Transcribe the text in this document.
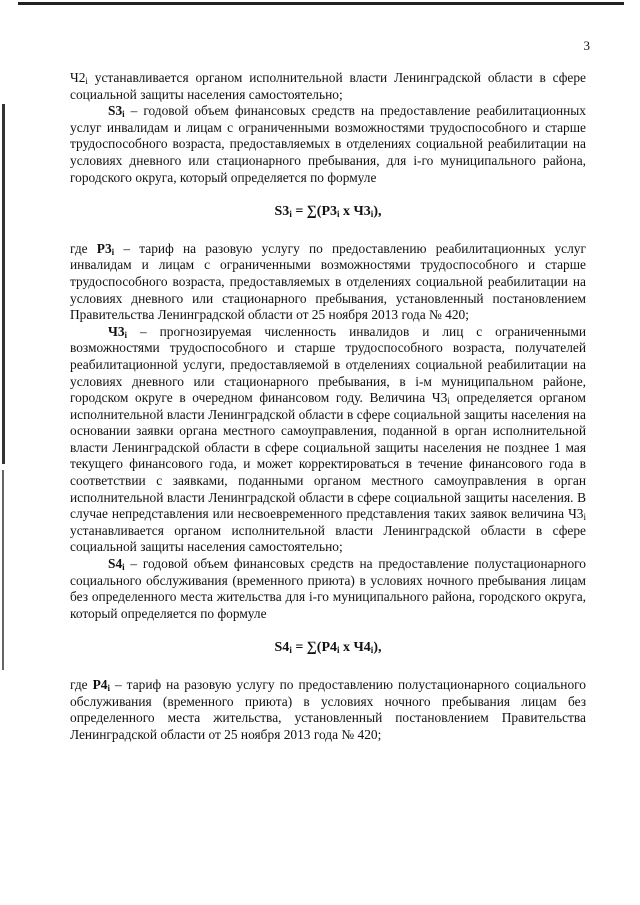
3

$Ч2_i$ устанавливается органом исполнительной власти Ленинградской области в сфере социальной защиты населения самостоятельно;

$S3_i$ – годовой объем финансовых средств на предоставление реабилитационных услуг инвалидам и лицам с ограниченными возможностями трудоспособного и старше трудоспособного возраста, предоставляемых в отделениях социальной реабилитации на условиях дневного или стационарного пребывания, для i-го муниципального района, городского округа, который определяется по формуле

$S3_i = \sum(Р3_i$ х $Ч3_i$),

где $Р3_i$ – тариф на разовую услугу по предоставлению реабилитационных услуг инвалидам и лицам с ограниченными возможностями трудоспособного и старше трудоспособного возраста, предоставляемых в отделениях социальной реабилитации на условиях дневного или стационарного пребывания, установленный постановлением Правительства Ленинградской области от 25 ноября 2013 года № 420;

$Ч3_i$ – прогнозируемая численность инвалидов и лиц с ограниченными возможностями трудоспособного и старше трудоспособного возраста, получателей реабилитационной услуги, предоставляемой в отделениях социальной реабилитации на условиях дневного или стационарного пребывания, в i-м муниципальном районе, городском округе в очередном финансовом году. Величина $Ч3_i$ определяется органом исполнительной власти Ленинградской области в сфере социальной защиты населения на основании заявки органа местного самоуправления, поданной в орган исполнительной власти Ленинградской области в сфере социальной защиты населения не позднее 1 мая текущего финансового года, и может корректироваться в течение финансового года в соответствии с заявками, поданными органом местного самоуправления в орган исполнительной власти Ленинградской области в сфере социальной защиты населения. В случае непредставления или несвоевременного представления таких заявок величина $Ч3_i$ устанавливается органом исполнительной власти Ленинградской области в сфере социальной защиты населения самостоятельно;

$S4_i$ – годовой объем финансовых средств на предоставление полустационарного социального обслуживания (временного приюта) в условиях ночного пребывания лицам без определенного места жительства для i-го муниципального района, городского округа, который определяется по формуле

$S4_i = \sum(Р4_i$ х $Ч4_i$),

где $Р4_i$ – тариф на разовую услугу по предоставлению полустационарного социального обслуживания (временного приюта) в условиях ночного пребывания лицам без определенного места жительства, установленный постановлением Правительства Ленинградской области от 25 ноября 2013 года № 420;
